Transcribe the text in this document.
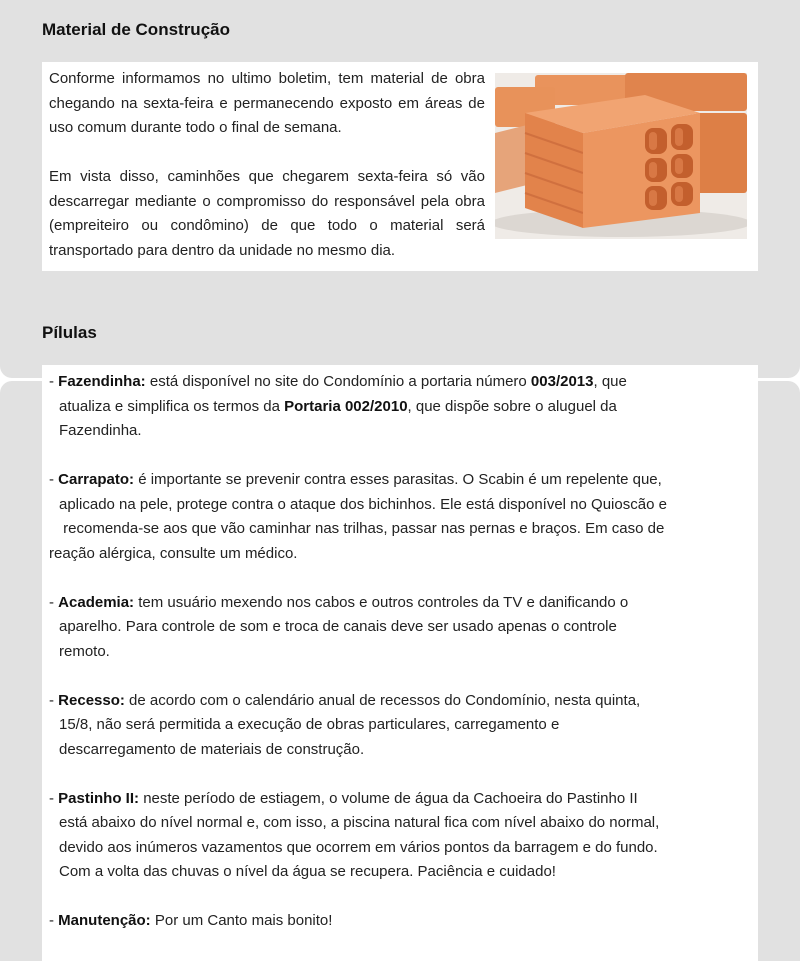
Material de Construção

Conforme informamos no ultimo boletim, tem material de obra chegando na sexta-feira e permanecendo exposto em áreas de uso comum durante todo o final de semana.

Em vista disso, caminhões que chegarem sexta-feira só vão descarregar mediante o compromisso do responsável pela obra (empreiteiro ou condômino) de que todo o material será transportado para dentro da unidade no mesmo dia.

Pílulas
- Fazendinha: está disponível no site do Condomínio a portaria número 003/2013, que
atualiza e simplifica os termos da Portaria 002/2010, que dispõe sobre o aluguel da
Fazendinha.
- Carrapato: é importante se prevenir contra esses parasitas. O Scabin é um repelente que,
aplicado na pele, protege contra o ataque dos bichinhos. Ele está disponível no Quioscão e
recomenda-se aos que vão caminhar nas trilhas, passar nas pernas e braços. Em caso de
reação alérgica, consulte um médico.
- Academia: tem usuário mexendo nos cabos e outros controles da TV e danificando o
aparelho. Para controle de som e troca de canais deve ser usado apenas o controle
remoto.
- Recesso: de acordo com o calendário anual de recessos do Condomínio, nesta quinta,
15/8, não será permitida a execução de obras particulares, carregamento e
descarregamento de materiais de construção.
- Pastinho II: neste período de estiagem, o volume de água da Cachoeira do Pastinho II
está abaixo do nível normal e, com isso, a piscina natural fica com nível abaixo do normal,
devido aos inúmeros vazamentos que ocorrem em vários pontos da barragem e do fundo.
Com a volta das chuvas o nível da água se recupera. Paciência e cuidado!
- Manutenção: Por um Canto mais bonito!
